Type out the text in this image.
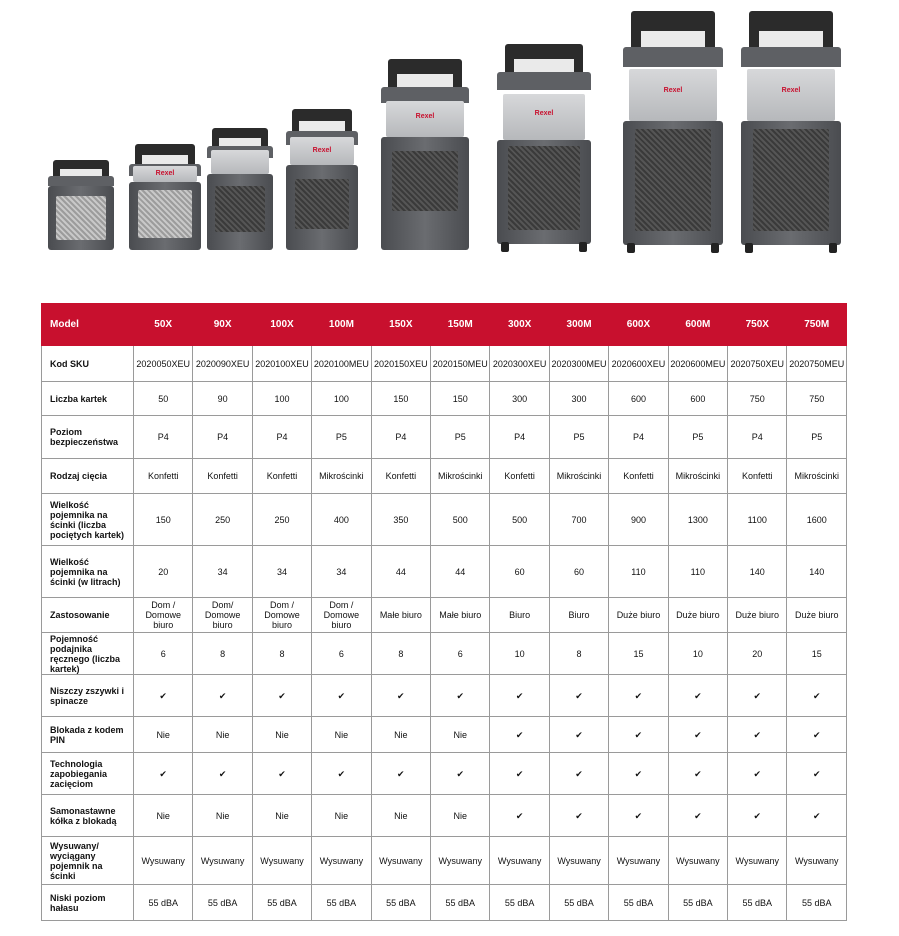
Rexel
Rexel
Rexel	Rexel
Rexel	Rexel
Model	50X	90X	100X	100M	150X	150M	300X	300M	600X	600M	750X	750M
Kod SKU	2020050XEU	2020090XEU	2020100XEU	2020100MEU	2020150XEU	2020150MEU	2020300XEU	2020300MEU	2020600XEU	2020600MEU	2020750XEU	2020750MEU
Liczba kartek	50	90	100	100	150	150	300	300	600	600	750	750
Poziom bezpieczeństwa	P4	P4	P4	P5	P4	P5	P4	P5	P4	P5	P4	P5
Rodzaj cięcia	Konfetti	Konfetti	Konfetti	Mikrościnki	Konfetti	Mikrościnki	Konfetti	Mikrościnki	Konfetti	Mikrościnki	Konfetti	Mikrościnki
Wielkość pojemnika na ścinki (liczba pociętych kartek)	150	250	250	400	350	500	500	700	900	1300	1100	1600
Wielkość pojemnika na ścinki (w litrach)	20	34	34	34	44	44	60	60	110	110	140	140
Zastosowanie	Dom / Domowe biuro	Dom/ Domowe biuro	Dom / Domowe biuro	Dom / Domowe biuro	Małe biuro	Małe biuro	Biuro	Biuro	Duże biuro	Duże biuro	Duże biuro	Duże biuro
Pojemność podajnika ręcznego (liczba kartek)	6	8	8	6	8	6	10	8	15	10	20	15
Niszczy zszywki i spinacze	✔	✔	✔	✔	✔	✔	✔	✔	✔	✔	✔	✔
Blokada z kodem PIN	Nie	Nie	Nie	Nie	Nie	Nie	✔	✔	✔	✔	✔	✔
Technologia zapobiegania zacięciom	✔	✔	✔	✔	✔	✔	✔	✔	✔	✔	✔	✔
Samonastawne kółka z blokadą	Nie	Nie	Nie	Nie	Nie	Nie	✔	✔	✔	✔	✔	✔
Wysuwany/ wyciągany pojemnik na ścinki	Wysuwany	Wysuwany	Wysuwany	Wysuwany	Wysuwany	Wysuwany	Wysuwany	Wysuwany	Wysuwany	Wysuwany	Wysuwany	Wysuwany
Niski poziom hałasu	55 dBA	55 dBA	55 dBA	55 dBA	55 dBA	55 dBA	55 dBA	55 dBA	55 dBA	55 dBA	55 dBA	55 dBA
